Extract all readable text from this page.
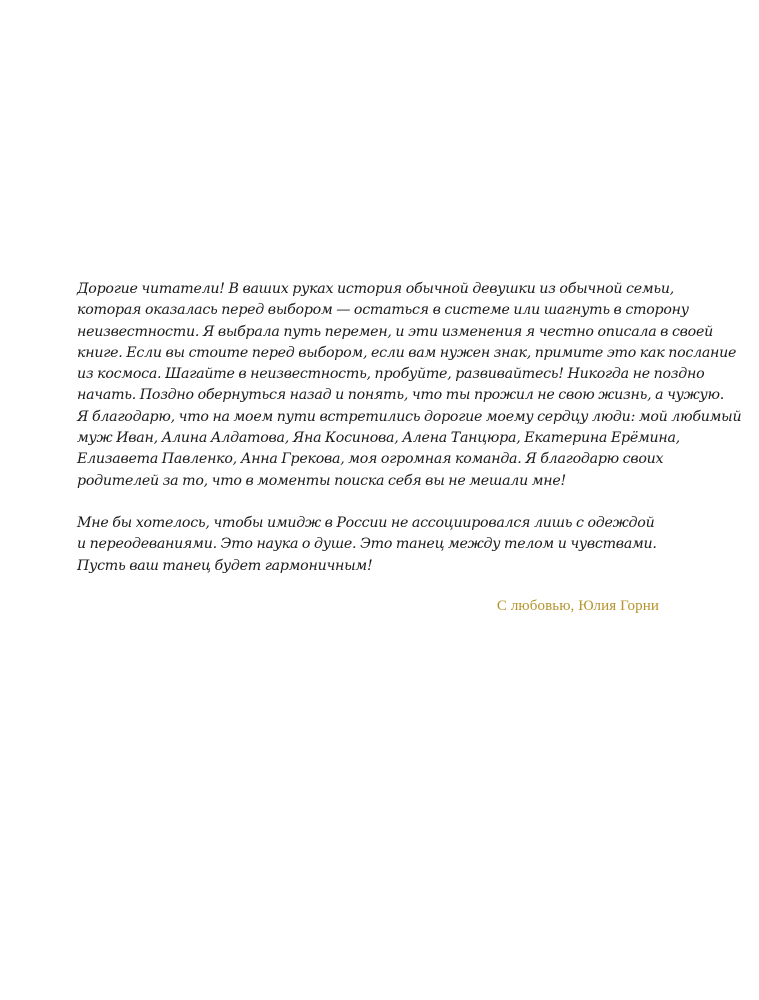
Дорогие читатели! В ваших руках история обычной девушки из обычной семьи,
которая оказалась перед выбором — остаться в системе или шагнуть в сторону
неизвестности. Я выбрала путь перемен, и эти изменения я честно описала в своей
книге. Если вы стоите перед выбором, если вам нужен знак, примите это как послание
из космоса. Шагайте в неизвестность, пробуйте, развивайтесь! Никогда не поздно
начать. Поздно обернуться назад и понять, что ты прожил не свою жизнь, а чужую.
Я благодарю, что на моем пути встретились дорогие моему сердцу люди: мой любимый
муж Иван, Алина Алдатова, Яна Косинова, Алена Танцюра, Екатерина Ерёмина,
Елизавета Павленко, Анна Грекова, моя огромная команда. Я благодарю своих
родителей за то, что в моменты поиска себя вы не мешали мне!

Мне бы хотелось, чтобы имидж в России не ассоциировался лишь с одеждой
и переодеваниями. Это наука о душе. Это танец между телом и чувствами.
Пусть ваш танец будет гармоничным!

С любовью, Юлия Горни
